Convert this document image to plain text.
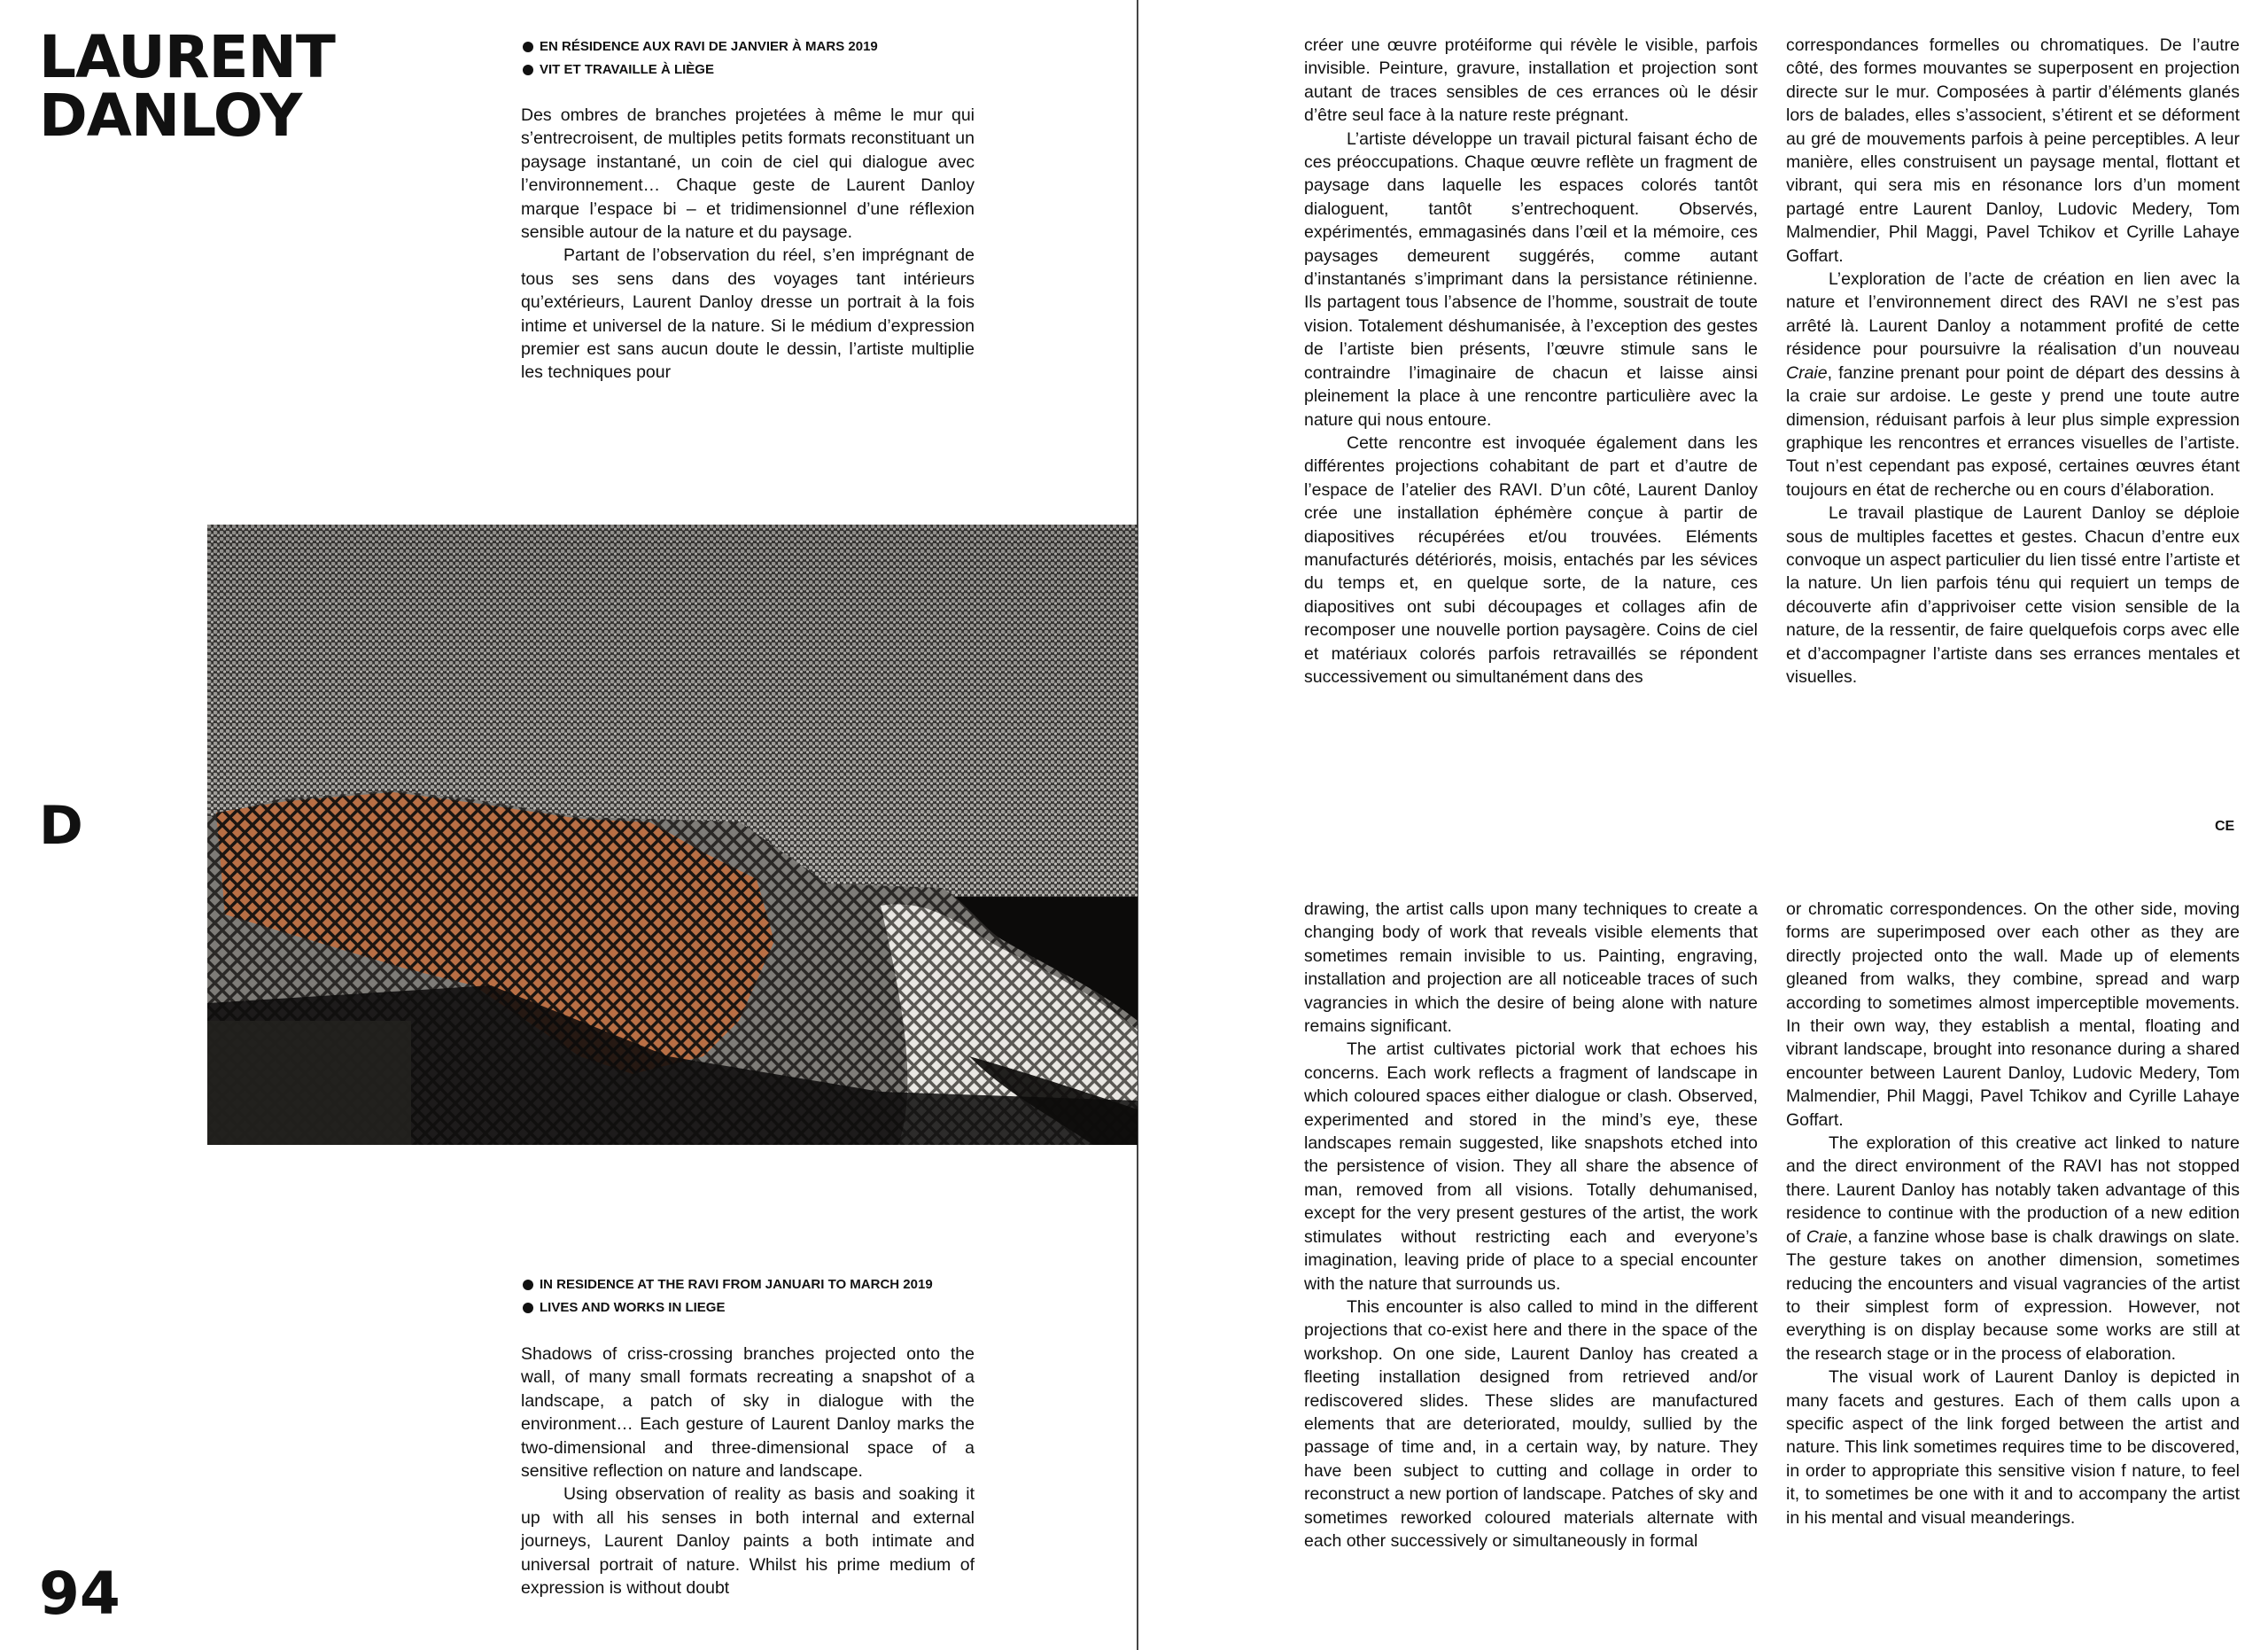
LAURENT
DANLOY
EN RÉSIDENCE AUX RAVI DE JANVIER À MARS 2019
VIT ET TRAVAILLE À LIÈGE

Des ombres de branches projetées à même le mur qui s’entrecroisent, de multiples petits formats reconstituant un paysage instantané, un coin de ciel qui dialogue avec l’environnement… Chaque geste de Laurent Danloy marque l’espace bi – et tridimensionnel d’une réflexion sensible autour de la nature et du paysage.

Partant de l’observation du réel, s’en imprégnant de tous ses sens dans des voyages tant intérieurs qu’extérieurs, Laurent Danloy dresse un portrait à la fois intime et universel de la nature. Si le médium d’expression premier est sans aucun doute le dessin, l’artiste multiplie les techniques pour

D

IN RESIDENCE AT THE RAVI FROM JANUARI TO MARCH 2019
LIVES AND WORKS IN LIEGE

Shadows of criss-crossing branches projected onto the wall, of many small formats recreating a snapshot of a landscape, a patch of sky in dialogue with the environment… Each gesture of Laurent Danloy marks the two-dimensional and three-dimensional space of a sensitive reflection on nature and landscape.

Using observation of reality as basis and soaking it up with all his senses in both internal and external journeys, Laurent Danloy paints a both intimate and universal portrait of nature. Whilst his prime medium of expression is without doubt

94

créer une œuvre protéiforme qui révèle le visible, parfois invisible. Peinture, gravure, installation et projection sont autant de traces sensibles de ces errances où le désir d’être seul face à la nature reste prégnant.

L’artiste développe un travail pictural faisant écho de ces préoccupations. Chaque œuvre reflète un fragment de paysage dans laquelle les espaces colorés tantôt dialoguent, tantôt s’entrechoquent. Observés, expérimentés, emmagasinés dans l’œil et la mémoire, ces paysages demeurent suggérés, comme autant d’instantanés s’imprimant dans la persistance rétinienne. Ils partagent tous l’absence de l’homme, soustrait de toute vision. Totalement déshumanisée, à l’exception des gestes de l’artiste bien présents, l’œuvre stimule sans le contraindre l’imaginaire de chacun et laisse ainsi pleinement la place à une rencontre particulière avec la nature qui nous entoure.

Cette rencontre est invoquée également dans les différentes projections cohabitant de part et d’autre de l’espace de l’atelier des RAVI. D’un côté, Laurent Danloy crée une installation éphémère conçue à partir de diapositives récupérées et/ou trouvées. Eléments manufacturés détériorés, moisis, entachés par les sévices du temps et, en quelque sorte, de la nature, ces diapositives ont subi découpages et collages afin de recomposer une nouvelle portion paysagère. Coins de ciel et matériaux colorés parfois retravaillés se répondent successivement ou simultanément dans des

correspondances formelles ou chromatiques. De l’autre côté, des formes mouvantes se superposent en projection directe sur le mur. Composées à partir d’éléments glanés lors de balades, elles s’associent, s’étirent et se déforment au gré de mouvements parfois à peine perceptibles. A leur manière, elles construisent un paysage mental, flottant et vibrant, qui sera mis en résonance lors d’un moment partagé entre Laurent Danloy, Ludovic Medery, Tom Malmendier, Phil Maggi, Pavel Tchikov et Cyrille Lahaye Goffart.

L’exploration de l’acte de création en lien avec la nature et l’environnement direct des RAVI ne s’est pas arrêté là. Laurent Danloy a notamment profité de cette résidence pour poursuivre la réalisation d’un nouveau Craie, fanzine prenant pour point de départ des dessins à la craie sur ardoise. Le geste y prend une toute autre dimension, réduisant parfois à leur plus simple expression graphique les rencontres et errances visuelles de l’artiste. Tout n’est cependant pas exposé, certaines œuvres étant toujours en état de recherche ou en cours d’élaboration.

Le travail plastique de Laurent Danloy se déploie sous de multiples facettes et gestes. Chacun d’entre eux convoque un aspect particulier du lien tissé entre l’artiste et la nature. Un lien parfois ténu qui requiert un temps de découverte afin d’apprivoiser cette vision sensible de la nature, de la ressentir, de faire quelquefois corps avec elle et d’accompagner l’artiste dans ses errances mentales et visuelles.

CE

drawing, the artist calls upon many techniques to create a changing body of work that reveals visible elements that sometimes remain invisible to us. Painting, engraving, installation and projection are all noticeable traces of such vagrancies in which the desire of being alone with nature remains significant.

The artist cultivates pictorial work that echoes his concerns. Each work reflects a fragment of landscape in which coloured spaces either dialogue or clash. Observed, experimented and stored in the mind’s eye, these landscapes remain suggested, like snapshots etched into the persistence of vision. They all share the absence of man, removed from all visions. Totally dehumanised, except for the very present gestures of the artist, the work stimulates without restricting each and everyone’s imagination, leaving pride of place to a special encounter with the nature that surrounds us.

This encounter is also called to mind in the different projections that co-exist here and there in the space of the workshop. On one side, Laurent Danloy has created a fleeting installation designed from retrieved and/or rediscovered slides. These slides are manufactured elements that are deteriorated, mouldy, sullied by the passage of time and, in a certain way, by nature. They have been subject to cutting and collage in order to reconstruct a new portion of landscape. Patches of sky and sometimes reworked coloured materials alternate with each other successively or simultaneously in formal

or chromatic correspondences. On the other side, moving forms are superimposed over each other as they are directly projected onto the wall. Made up of elements gleaned from walks, they combine, spread and warp according to sometimes almost imperceptible movements. In their own way, they establish a mental, floating and vibrant landscape, brought into resonance during a shared encounter between Laurent Danloy, Ludovic Medery, Tom Malmendier, Phil Maggi, Pavel Tchikov and Cyrille Lahaye Goffart.

The exploration of this creative act linked to nature and the direct environment of the RAVI has not stopped there. Laurent Danloy has notably taken advantage of this residence to continue with the production of a new edition of Craie, a fanzine whose base is chalk drawings on slate. The gesture takes on another dimension, sometimes reducing the encounters and visual vagrancies of the artist to their simplest form of expression. However, not everything is on display because some works are still at the research stage or in the process of elaboration.

The visual work of Laurent Danloy is depicted in many facets and gestures. Each of them calls upon a specific aspect of the link forged between the artist and nature. This link sometimes requires time to be discovered, in order to appropriate this sensitive vision f nature, to feel it, to sometimes be one with it and to accompany the artist in his mental and visual meanderings.
